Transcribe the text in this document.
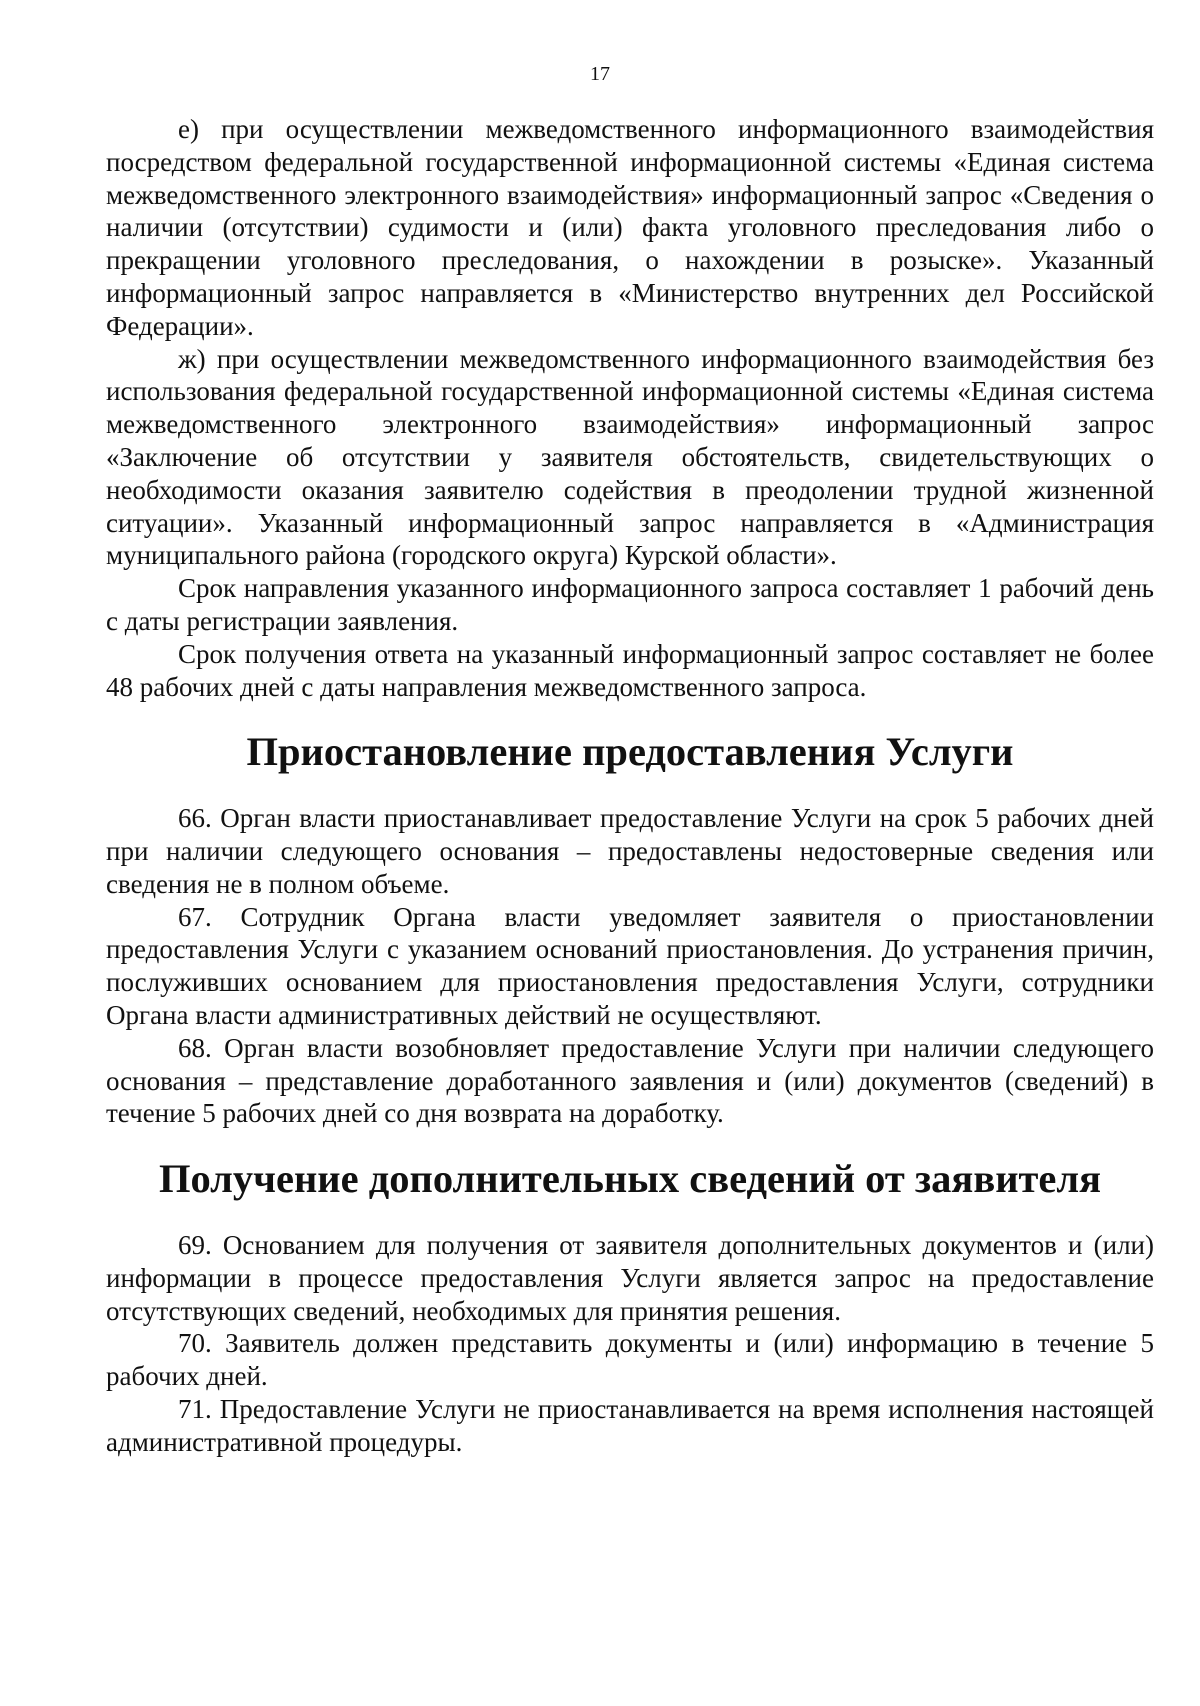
17

е) при осуществлении межведомственного информационного взаимодействия посредством федеральной государственной информационной системы «Единая система межведомственного электронного взаимодействия» информационный запрос «Сведения о наличии (отсутствии) судимости и (или) факта уголовного преследования либо о прекращении уголовного преследования, о нахождении в розыске». Указанный информационный запрос направляется в «Министерство внутренних дел Российской Федерации».

ж) при осуществлении межведомственного информационного взаимодействия без использования федеральной государственной информационной системы «Единая система межведомственного электронного взаимодействия» информационный запрос «Заключение об отсутствии у заявителя обстоятельств, свидетельствующих о необходимости оказания заявителю содействия в преодолении трудной жизненной ситуации». Указанный информационный запрос направляется в «Администрация муниципального района (городского округа) Курской области».

Срок направления указанного информационного запроса составляет 1 рабочий день с даты регистрации заявления.

Срок получения ответа на указанный информационный запрос составляет не более 48 рабочих дней с даты направления межведомственного запроса.

Приостановление предоставления Услуги

66. Орган власти приостанавливает предоставление Услуги на срок 5 рабочих дней при наличии следующего основания – предоставлены недостоверные сведения или сведения не в полном объеме.

67. Сотрудник Органа власти уведомляет заявителя о приостановлении предоставления Услуги с указанием оснований приостановления. До устранения причин, послуживших основанием для приостановления предоставления Услуги, сотрудники Органа власти административных действий не осуществляют.

68. Орган власти возобновляет предоставление Услуги при наличии следующего основания – представление доработанного заявления и (или) документов (сведений) в течение 5 рабочих дней со дня возврата на доработку.

Получение дополнительных сведений от заявителя

69. Основанием для получения от заявителя дополнительных документов и (или) информации в процессе предоставления Услуги является запрос на предоставление отсутствующих сведений, необходимых для принятия решения.

70. Заявитель должен представить документы и (или) информацию в течение 5 рабочих дней.

71. Предоставление Услуги не приостанавливается на время исполнения настоящей административной процедуры.
